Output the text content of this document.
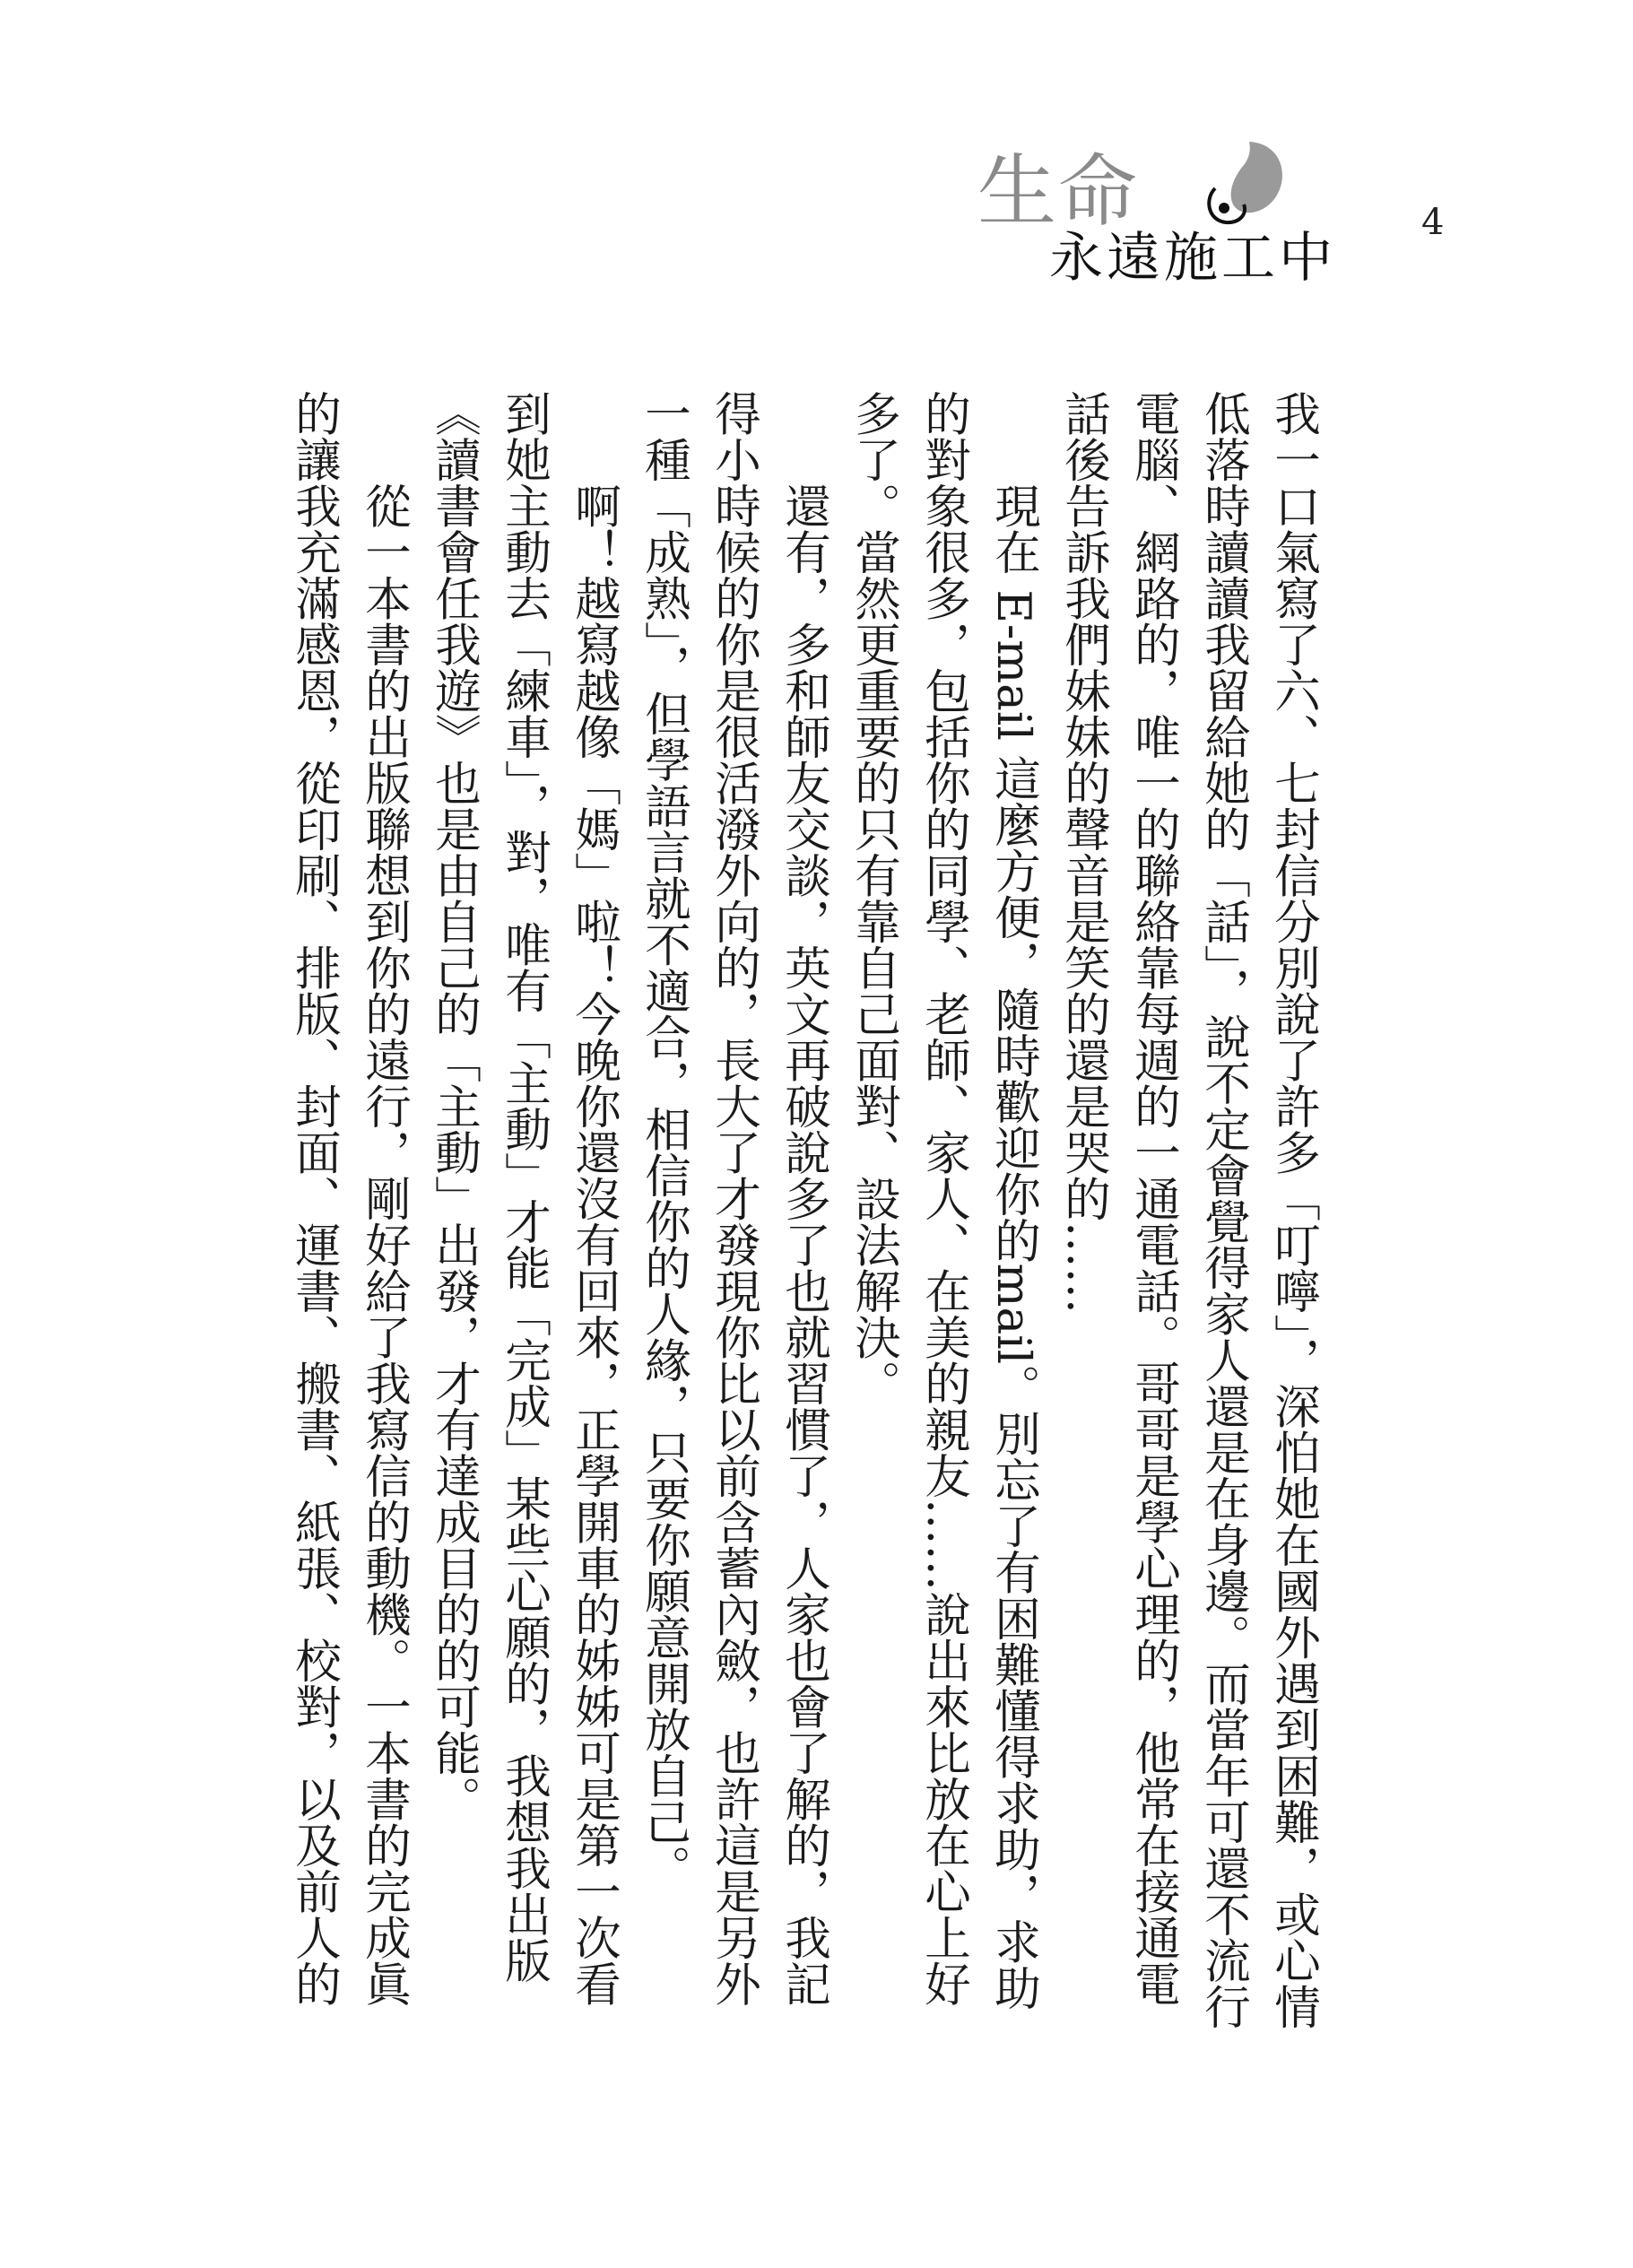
生命
永遠施工中
4

我一口氣寫了六、七封信分別說了許多「叮嚀」，深怕她在國外遇到困難，或心情低落時讀讀我留給她的「話」，說不定會覺得家人還是在身邊。而當年可還不流行電腦、網路的，唯一的聯絡靠每週的一通電話。哥哥是學心理的，他常在接通電話後告訴我們妹妹的聲音是笑的還是哭的……

現在 E-mail 這麼方便，隨時歡迎你的mail。別忘了有困難懂得求助，求助的對象很多，包括你的同學、老師、家人、在美的親友……說出來比放在心上好多了。當然更重要的只有靠自己面對、設法解決。

還有，多和師友交談，英文再破說多了也就習慣了，人家也會了解的，我記得小時候的你是很活潑外向的，長大了才發現你比以前含蓄內斂，也許這是另外一種「成熟」，但學語言就不適合，相信你的人緣，只要你願意開放自己。

啊！越寫越像「媽」啦！今晚你還沒有回來，正學開車的姊姊可是第一次看到她主動去「練車」，對，唯有「主動」才能「完成」某些心願的，我想我出版《讀書會任我遊》也是由自己的「主動」出發，才有達成目的的可能。

從一本書的出版聯想到你的遠行，剛好給了我寫信的動機。一本書的完成眞的讓我充滿感恩，從印刷、排版、封面、運書、搬書、紙張、校對，以及前人的
